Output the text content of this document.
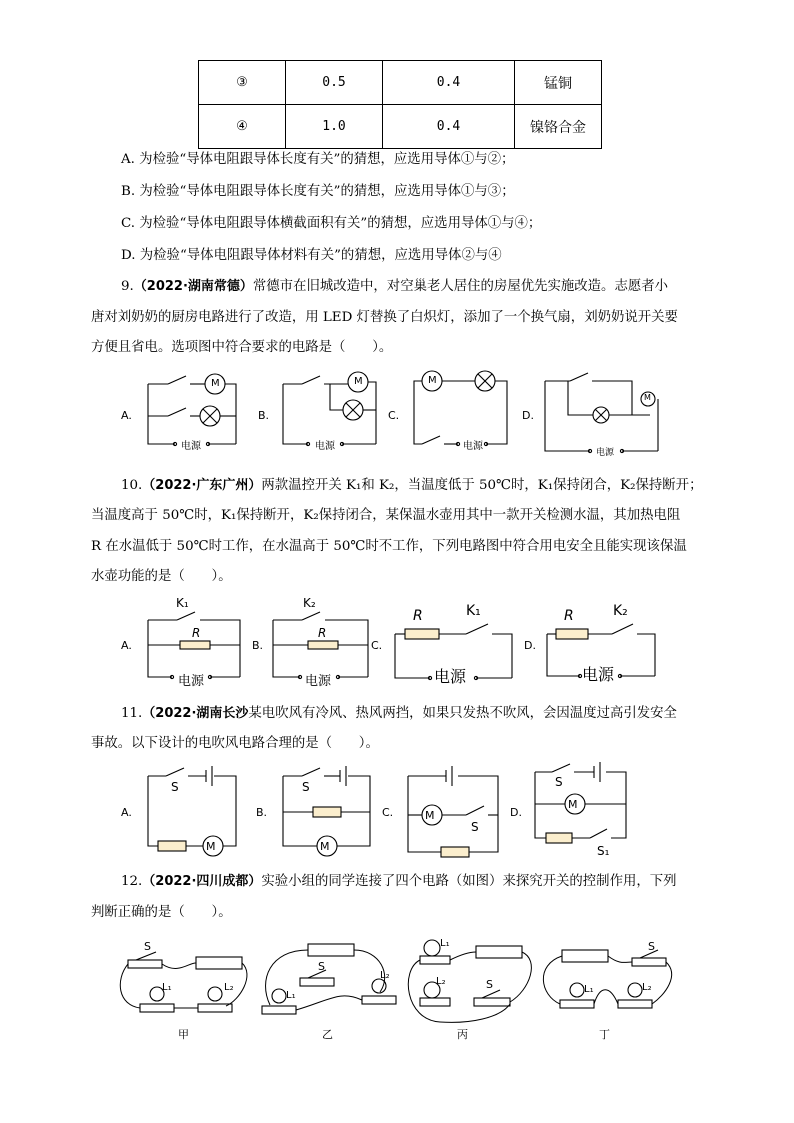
③	0.5	0.4	锰铜
④	1.0	0.4	镍铬合金
A. 为检验“导体电阻跟导体长度有关”的猜想，应选用导体①与②；
B. 为检验“导体电阻跟导体长度有关”的猜想，应选用导体①与③；
C. 为检验“导体电阻跟导体横截面积有关”的猜想，应选用导体①与④；
D. 为检验“导体电阻跟导体材料有关”的猜想，应选用导体②与④
9.（2022·湖南常德）常德市在旧城改造中，对空巢老人居住的房屋优先实施改造。志愿者小
唐对刘奶奶的厨房电路进行了改造，用 LED 灯替换了白炽灯，添加了一个换气扇，刘奶奶说开关要
方便且省电。选项图中符合要求的电路是（　　）。
A.	B.	C.	D.
M	M	M
M
电源	电源	电源
电源
10.（2022·广东广州）两款温控开关 K₁和 K₂，当温度低于 50℃时，K₁保持闭合，K₂保持断开；
当温度高于 50℃时，K₁保持断开，K₂保持闭合，某保温水壶用其中一款开关检测水温，其加热电阻
R 在水温低于 50℃时工作，在水温高于 50℃时不工作，下列电路图中符合用电安全且能实现该保温
水壶功能的是（　　）。
A.	B.	C.	D.
K₁
R
电源
K₂
R
电源
R	K₁
电源
R	K₂
电源
11.（2022·湖南长沙某电吹风有冷风、热风两挡，如果只发热不吹风，会因温度过高引发安全
事故。以下设计的电吹风电路合理的是（　　）。
A.	B.	C.	D.
S
M
S
M
M
S
S
M
S₁
12.（2022·四川成都）实验小组的同学连接了四个电路（如图）来探究开关的控制作用，下列
判断正确的是（　　）。
S
L₁	L₂
S
L₁
L₂
L₁
L₂	S
S
L₁	L₂
甲	乙	丙	丁
